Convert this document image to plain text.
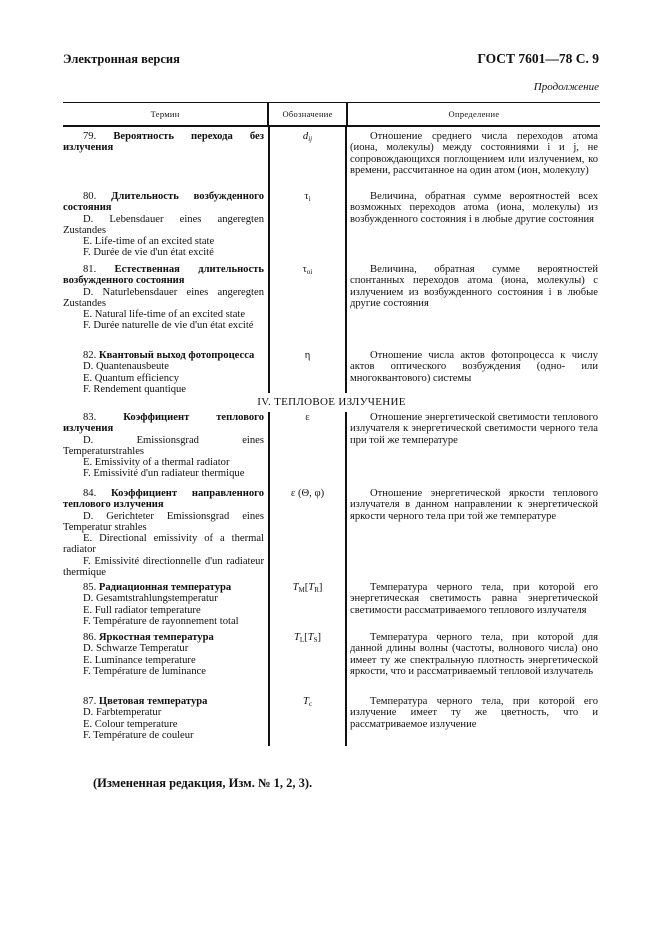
Электронная версия	ГОСТ 7601—78 С. 9
Продолжение
Термин	Обозначение	Определение
79. Вероятность перехода без излучения
$d_{ij}$	Отношение среднего числа переходов атома (иона, молекулы) между состояниями i и j, не сопровождающихся поглощением или излучением, ко времени, рассчитанное на один атом (ион, молекулу)
80. Длительность возбужденного состояния
D. Lebensdauer eines angeregten Zustandes
E. Life-time of an excited state
F. Durée de vie d'un état excité
$\tau_i$	Величина, обратная сумме вероятностей всех возможных переходов атома (иона, молекулы) из возбужденного состояния i в любые другие состояния
81. Естественная длительность возбужденного состояния
D. Naturlebensdauer eines angeregten Zustandes
E. Natural life-time of an excited state
F. Durée naturelle de vie d'un état excité
$\tau_{oi}$	Величина, обратная сумме вероятностей спонтанных переходов атома (иона, молекулы) с излучением из возбужденного состояния i в любые другие состояния
82. Квантовый выход фотопроцесса
D. Quantenausbeute
E. Quantum efficiency
F. Rendement quantique
η	Отношение числа актов фотопроцесса к числу актов оптического возбуждения (одно- или многоквантового) системы
IV. ТЕПЛОВОЕ ИЗЛУЧЕНИЕ
83.	Коэффициент теплового излучения
D. Emissionsgrad eines Temperaturstrahles
E. Emissivity of a thermal radiator
F. Emissivité d'un radiateur thermique
ε	Отношение энергетической светимости теплового излучателя к энергетической светимости черного тела при той же температуре
84. Коэффициент направленного теплового излучения
D. Gerichteter Emissionsgrad eines Temperatur strahles
E. Directional emissivity of a thermal radiator
F. Emissivité directionnelle d'un radiateur thermique
ε (Θ, φ)	Отношение энергетической яркости теплового излучателя в данном направлении к энергетической яркости черного тела при той же температуре
85. Радиационная температура
D. Gesamtstrahlungstemperatur
E. Full radiator temperature
F. Température de rayonnement total
$T_M[T_R]$	Температура черного тела, при которой его энергетическая светимость равна энергетической светимости рассматриваемого теплового излучателя
86. Яркостная температура
D. Schwarze Temperatur
E. Luminance temperature
F. Température de luminance
$T_L[T_S]$	Температура черного тела, при которой для данной длины волны (частоты, волнового числа) оно имеет ту же спектральную плотность энергетической яркости, что и рассматриваемый тепловой излучатель
87. Цветовая температура
D. Farbtemperatur
E. Colour temperature
F. Température de couleur
$T_c$	Температура черного тела, при которой его излучение имеет ту же цветность, что и рассматриваемое излучение
(Измененная редакция, Изм. № 1, 2, 3).
